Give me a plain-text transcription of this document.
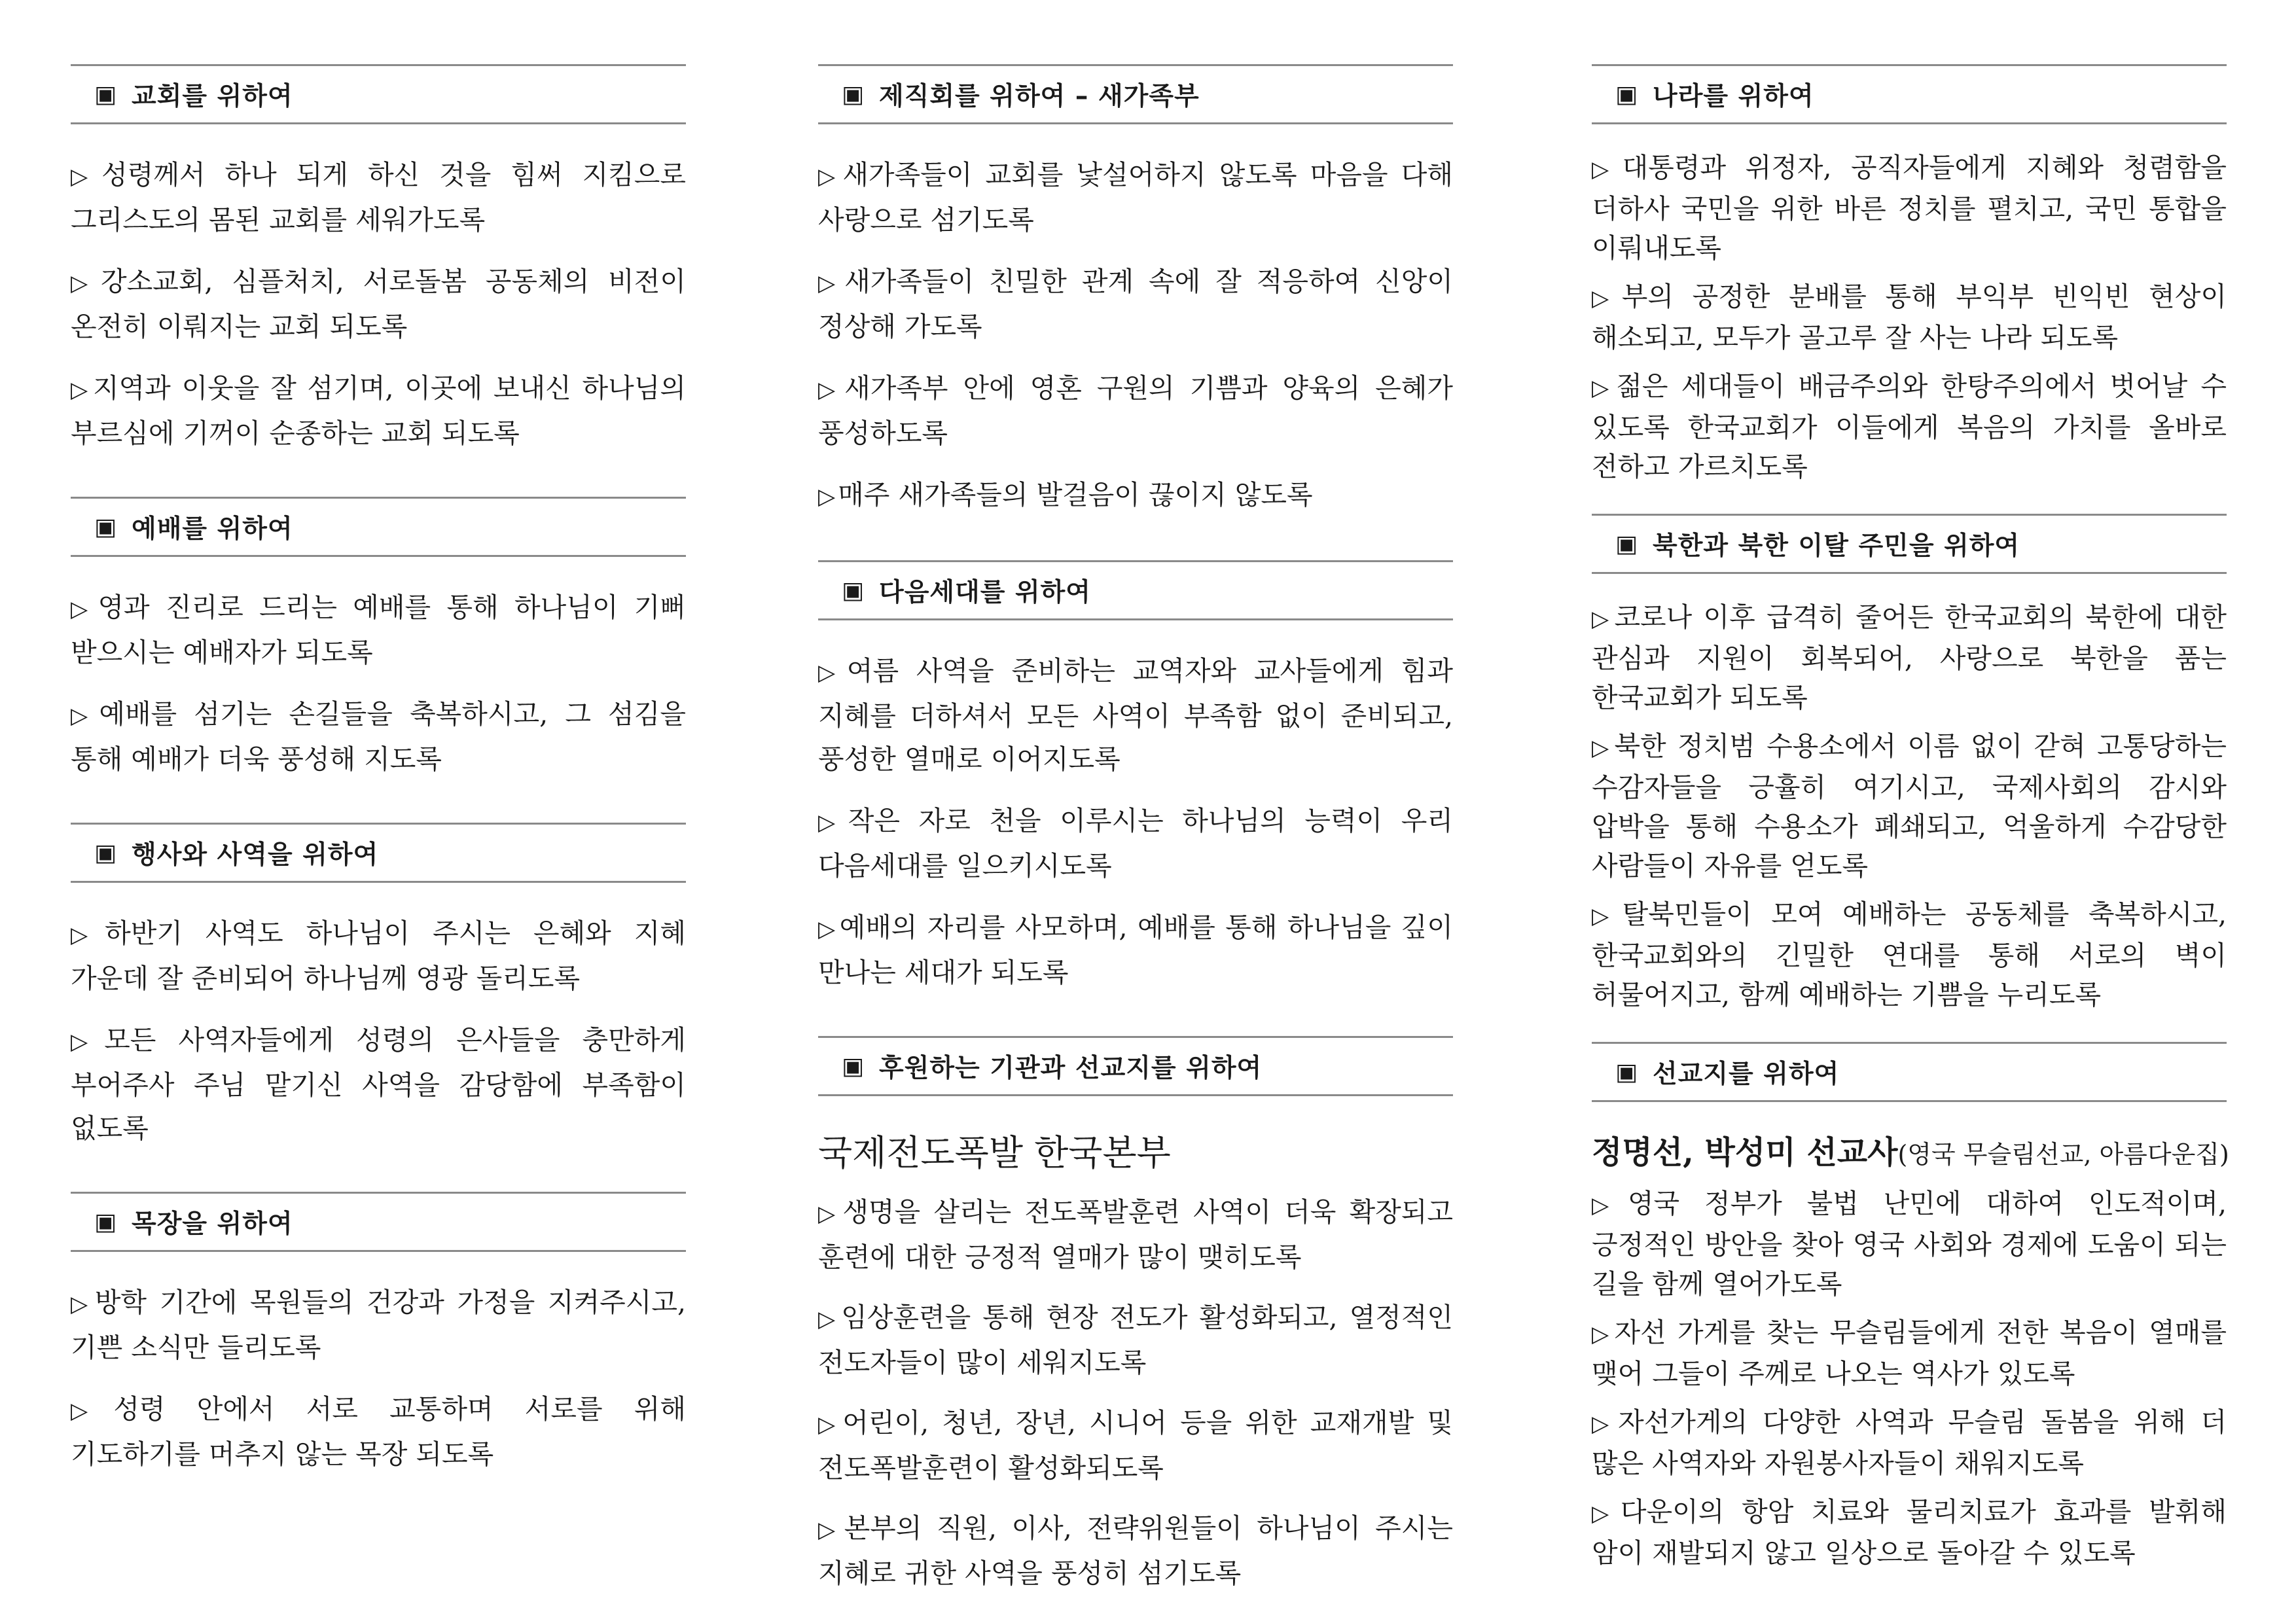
▣ 교회를 위하여
▷성령께서 하나 되게 하신 것을 힘써 지킴으로 그리스도의 몸된 교회를 세워가도록
▷강소교회, 심플처치, 서로돌봄 공동체의 비전이 온전히 이뤄지는 교회 되도록
▷지역과 이웃을 잘 섬기며, 이곳에 보내신 하나님의 부르심에 기꺼이 순종하는 교회 되도록
▣ 예배를 위하여
▷영과 진리로 드리는 예배를 통해 하나님이 기뻐 받으시는 예배자가 되도록
▷예배를 섬기는 손길들을 축복하시고, 그 섬김을 통해 예배가 더욱 풍성해 지도록
▣ 행사와 사역을 위하여
▷하반기 사역도 하나님이 주시는 은혜와 지혜 가운데 잘 준비되어 하나님께 영광 돌리도록
▷모든 사역자들에게 성령의 은사들을 충만하게 부어주사 주님 맡기신 사역을 감당함에 부족함이 없도록
▣ 목장을 위하여
▷방학 기간에 목원들의 건강과 가정을 지켜주시고, 기쁜 소식만 들리도록
▷성령 안에서 서로 교통하며 서로를 위해 기도하기를 머추지 않는 목장 되도록
▣ 제직회를 위하여 – 새가족부
▷새가족들이 교회를 낯설어하지 않도록 마음을 다해 사랑으로 섬기도록
▷새가족들이 친밀한 관계 속에 잘 적응하여 신앙이 정상해 가도록
▷새가족부 안에 영혼 구원의 기쁨과 양육의 은혜가 풍성하도록
▷매주 새가족들의 발걸음이 끊이지 않도록
▣ 다음세대를 위하여
▷여름 사역을 준비하는 교역자와 교사들에게 힘과 지혜를 더하셔서 모든 사역이 부족함 없이 준비되고, 풍성한 열매로 이어지도록
▷작은 자로 천을 이루시는 하나님의 능력이 우리 다음세대를 일으키시도록
▷예배의 자리를 사모하며, 예배를 통해 하나님을 깊이 만나는 세대가 되도록
▣ 후원하는 기관과 선교지를 위하여
국제전도폭발 한국본부
▷생명을 살리는 전도폭발훈련 사역이 더욱 확장되고 훈련에 대한 긍정적 열매가 많이 맺히도록
▷임상훈련을 통해 현장 전도가 활성화되고, 열정적인 전도자들이 많이 세워지도록
▷어린이, 청년, 장년, 시니어 등을 위한 교재개발 및 전도폭발훈련이 활성화되도록
▷본부의 직원, 이사, 전략위원들이 하나님이 주시는 지혜로 귀한 사역을 풍성히 섬기도록
▣ 나라를 위하여
▷대통령과 위정자, 공직자들에게 지혜와 청렴함을 더하사 국민을 위한 바른 정치를 펼치고, 국민 통합을 이뤄내도록
▷부의 공정한 분배를 통해 부익부 빈익빈 현상이 해소되고, 모두가 골고루 잘 사는 나라 되도록
▷젊은 세대들이 배금주의와 한탕주의에서 벗어날 수 있도록 한국교회가 이들에게 복음의 가치를 올바로 전하고 가르치도록
▣ 북한과 북한 이탈 주민을 위하여
▷코로나 이후 급격히 줄어든 한국교회의 북한에 대한 관심과 지원이 회복되어, 사랑으로 북한을 품는 한국교회가 되도록
▷북한 정치범 수용소에서 이름 없이 갇혀 고통당하는 수감자들을 긍휼히 여기시고, 국제사회의 감시와 압박을 통해 수용소가 폐쇄되고, 억울하게 수감당한 사람들이 자유를 얻도록
▷탈북민들이 모여 예배하는 공동체를 축복하시고, 한국교회와의 긴밀한 연대를 통해 서로의 벽이 허물어지고, 함께 예배하는 기쁨을 누리도록
▣ 선교지를 위하여
정명선, 박성미 선교사(영국 무슬림선교, 아름다운집)
▷영국 정부가 불법 난민에 대하여 인도적이며, 긍정적인 방안을 찾아 영국 사회와 경제에 도움이 되는 길을 함께 열어가도록
▷자선 가게를 찾는 무슬림들에게 전한 복음이 열매를 맺어 그들이 주께로 나오는 역사가 있도록
▷자선가게의 다양한 사역과 무슬림 돌봄을 위해 더 많은 사역자와 자원봉사자들이 채워지도록
▷다운이의 항암 치료와 물리치료가 효과를 발휘해 암이 재발되지 않고 일상으로 돌아갈 수 있도록
